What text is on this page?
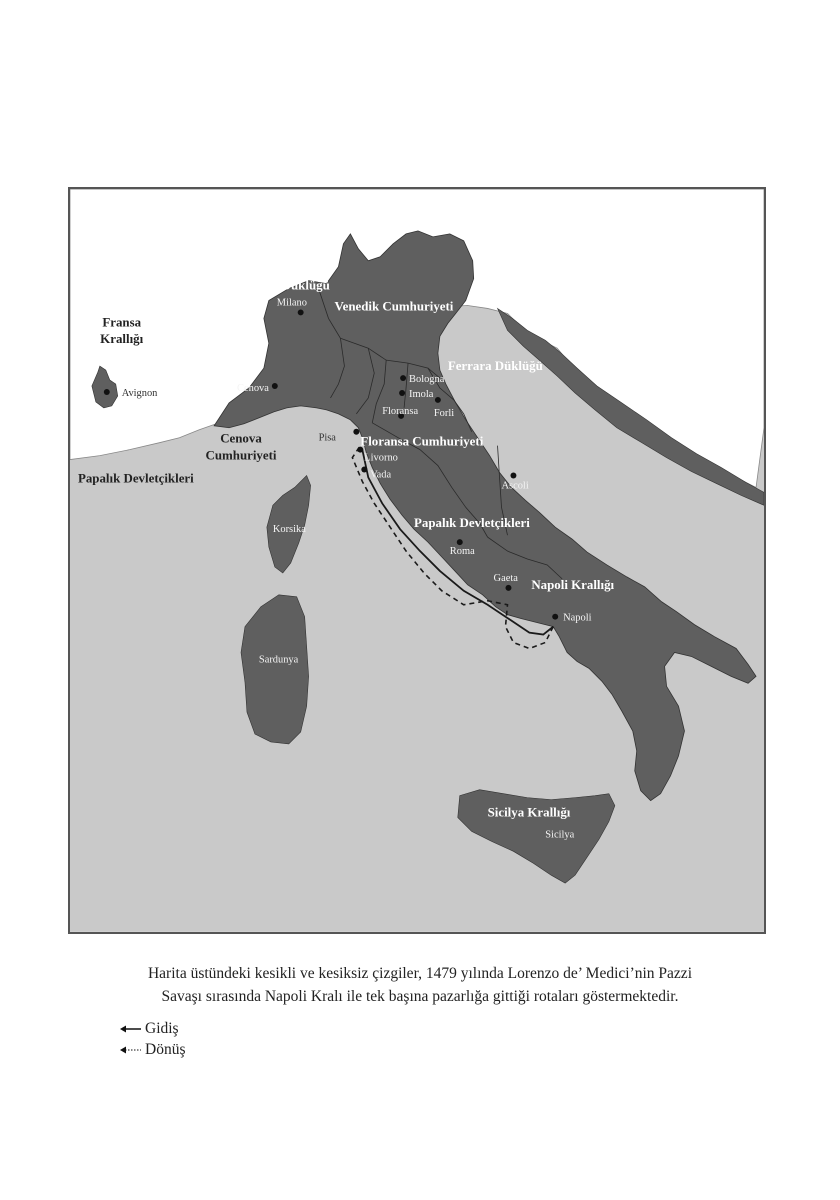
Milano Düklüğü
Venedik Cumhuriyeti
Fransa
Krallığı
Ferrara Düklüğü
Cenova
Cumhuriyeti
Floransa Cumhuriyeti
Papalık Devletçikleri
Papalık Devletçikleri
Napoli Krallığı
Sicilya Krallığı
Milano
Avignon	Cenova
Bologna
Imola
Floransa Forli
Pisa
Livorno
Vada
Ascoli
Korsika
Roma
Gaeta
Napoli
Sardunya
Sicilya
Harita üstündeki kesikli ve kesiksiz çizgiler, 1479 yılında Lorenzo de’ Medici’nin Pazzi
Savaşı sırasında Napoli Kralı ile tek başına pazarlığa gittiği rotaları göstermektedir.
Gidiş
Dönüş
